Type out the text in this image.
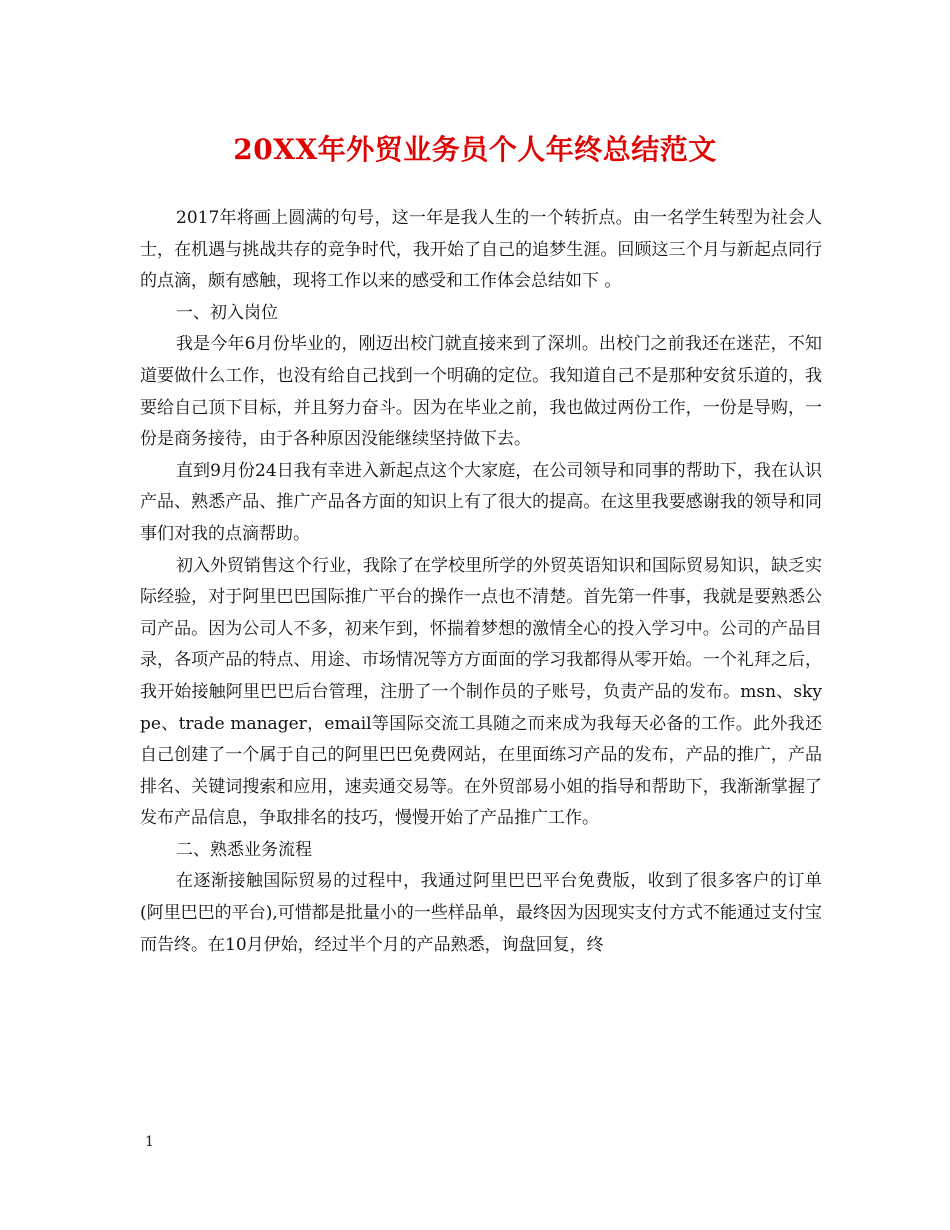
20XX年外贸业务员个人年终总结范文

2017年将画上圆满的句号，这一年是我人生的一个转折点。由一名学生转型为社会人士，在机遇与挑战共存的竞争时代，我开始了自己的追梦生涯。回顾这三个月与新起点同行的点滴，颇有感触，现将工作以来的感受和工作体会总结如下 。

一、初入岗位

我是今年6月份毕业的，刚迈出校门就直接来到了深圳。出校门之前我还在迷茫，不知道要做什么工作，也没有给自己找到一个明确的定位。我知道自己不是那种安贫乐道的，我要给自己顶下目标，并且努力奋斗。因为在毕业之前，我也做过两份工作，一份是导购，一份是商务接待，由于各种原因没能继续坚持做下去。

直到9月份24日我有幸进入新起点这个大家庭，在公司领导和同事的帮助下，我在认识产品、熟悉产品、推广产品各方面的知识上有了很大的提高。在这里我要感谢我的领导和同事们对我的点滴帮助。

初入外贸销售这个行业，我除了在学校里所学的外贸英语知识和国际贸易知识，缺乏实际经验，对于阿里巴巴国际推广平台的操作一点也不清楚。首先第一件事，我就是要熟悉公司产品。因为公司人不多，初来乍到，怀揣着梦想的激情全心的投入学习中。公司的产品目录，各项产品的特点、用途、市场情况等方方面面的学习我都得从零开始。一个礼拜之后，我开始接触阿里巴巴后台管理，注册了一个制作员的子账号，负责产品的发布。msn、skype、trade manager，email等国际交流工具随之而来成为我每天必备的工作。此外我还自己创建了一个属于自己的阿里巴巴免费网站，在里面练习产品的发布，产品的推广，产品排名、关键词搜索和应用，速卖通交易等。在外贸部易小姐的指导和帮助下，我渐渐掌握了发布产品信息，争取排名的技巧，慢慢开始了产品推广工作。

二、熟悉业务流程

在逐渐接触国际贸易的过程中，我通过阿里巴巴平台免费版，收到了很多客户的订单(阿里巴巴的平台),可惜都是批量小的一些样品单，最终因为因现实支付方式不能通过支付宝而告终。在10月伊始，经过半个月的产品熟悉，询盘回复，终

1
